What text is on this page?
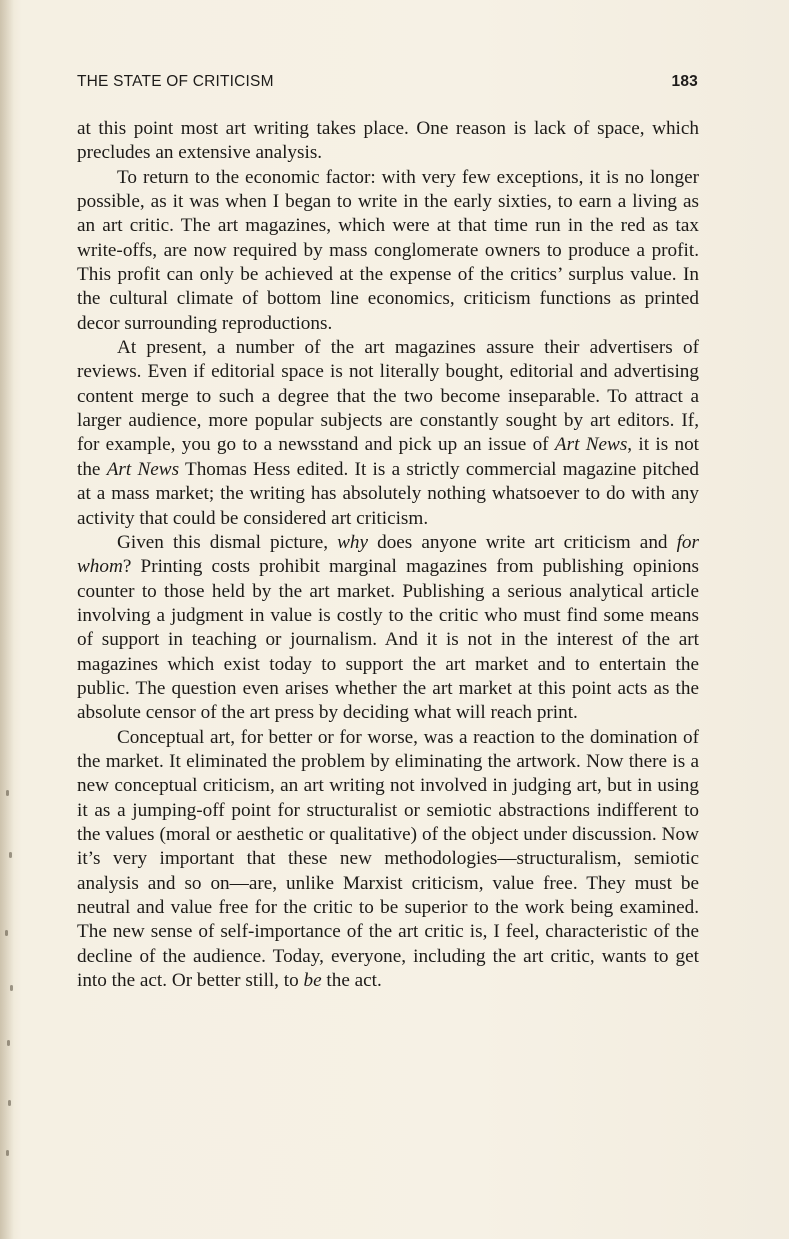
THE STATE OF CRITICISM	183

at this point most art writing takes place. One reason is lack of space, which precludes an extensive analysis.

To return to the economic factor: with very few exceptions, it is no longer possible, as it was when I began to write in the early sixties, to earn a living as an art critic. The art magazines, which were at that time run in the red as tax write-offs, are now required by mass conglomerate owners to produce a profit. This profit can only be achieved at the expense of the critics’ surplus value. In the cultural climate of bottom line economics, criticism functions as printed decor surrounding reproductions.

At present, a number of the art magazines assure their advertisers of reviews. Even if editorial space is not literally bought, editorial and advertising content merge to such a degree that the two become inseparable. To attract a larger audience, more popular subjects are constantly sought by art editors. If, for example, you go to a newsstand and pick up an issue of Art News, it is not the Art News Thomas Hess edited. It is a strictly commercial magazine pitched at a mass market; the writing has absolutely nothing whatsoever to do with any activity that could be considered art criticism.

Given this dismal picture, why does anyone write art criticism and for whom? Printing costs prohibit marginal magazines from publishing opinions counter to those held by the art market. Publishing a serious analytical article involving a judgment in value is costly to the critic who must find some means of support in teaching or journalism. And it is not in the interest of the art magazines which exist today to support the art market and to entertain the public. The question even arises whether the art market at this point acts as the absolute censor of the art press by deciding what will reach print.

Conceptual art, for better or for worse, was a reaction to the domination of the market. It eliminated the problem by eliminating the artwork. Now there is a new conceptual criticism, an art writing not involved in judging art, but in using it as a jumping-off point for structuralist or semiotic abstractions indifferent to the values (moral or aesthetic or qualitative) of the object under discussion. Now it’s very important that these new methodologies—structuralism, semiotic analysis and so on—are, unlike Marxist criticism, value free. They must be neutral and value free for the critic to be superior to the work being examined. The new sense of self-importance of the art critic is, I feel, characteristic of the decline of the audience. Today, everyone, including the art critic, wants to get into the act. Or better still, to be the act.
